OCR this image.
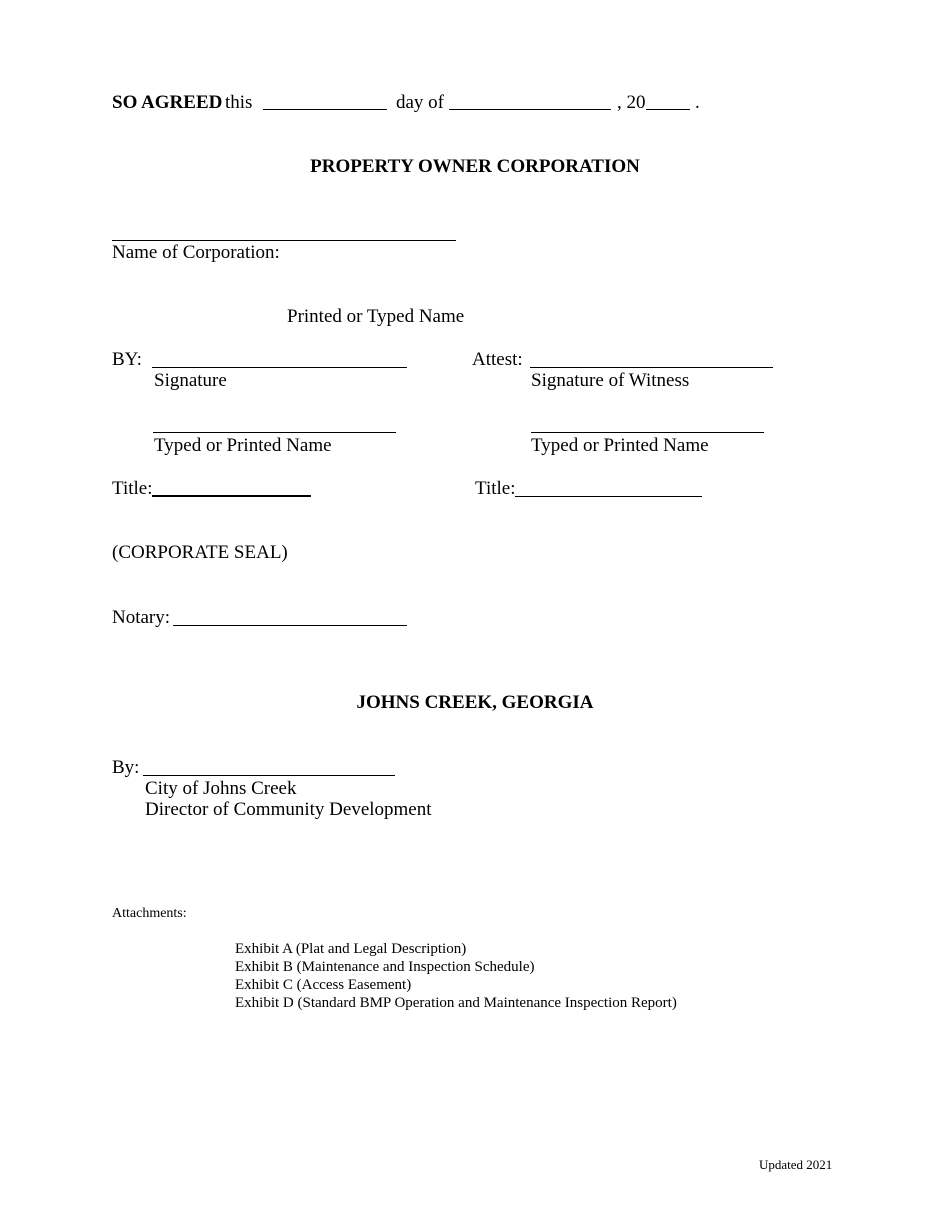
SO AGREED this	day of	, 20	.
PROPERTY OWNER CORPORATION
Name of Corporation:
Printed or Typed Name
BY:
Signature
Attest:
Signature of Witness
Typed or Printed Name	Typed or Printed Name
Title:	Title:
(CORPORATE SEAL)
Notary:
JOHNS CREEK, GEORGIA
By:
City of Johns Creek
Director of Community Development
Attachments:
Exhibit A (Plat and Legal Description)
Exhibit B (Maintenance and Inspection Schedule)
Exhibit C (Access Easement)
Exhibit D (Standard BMP Operation and Maintenance Inspection Report)
Updated 2021
